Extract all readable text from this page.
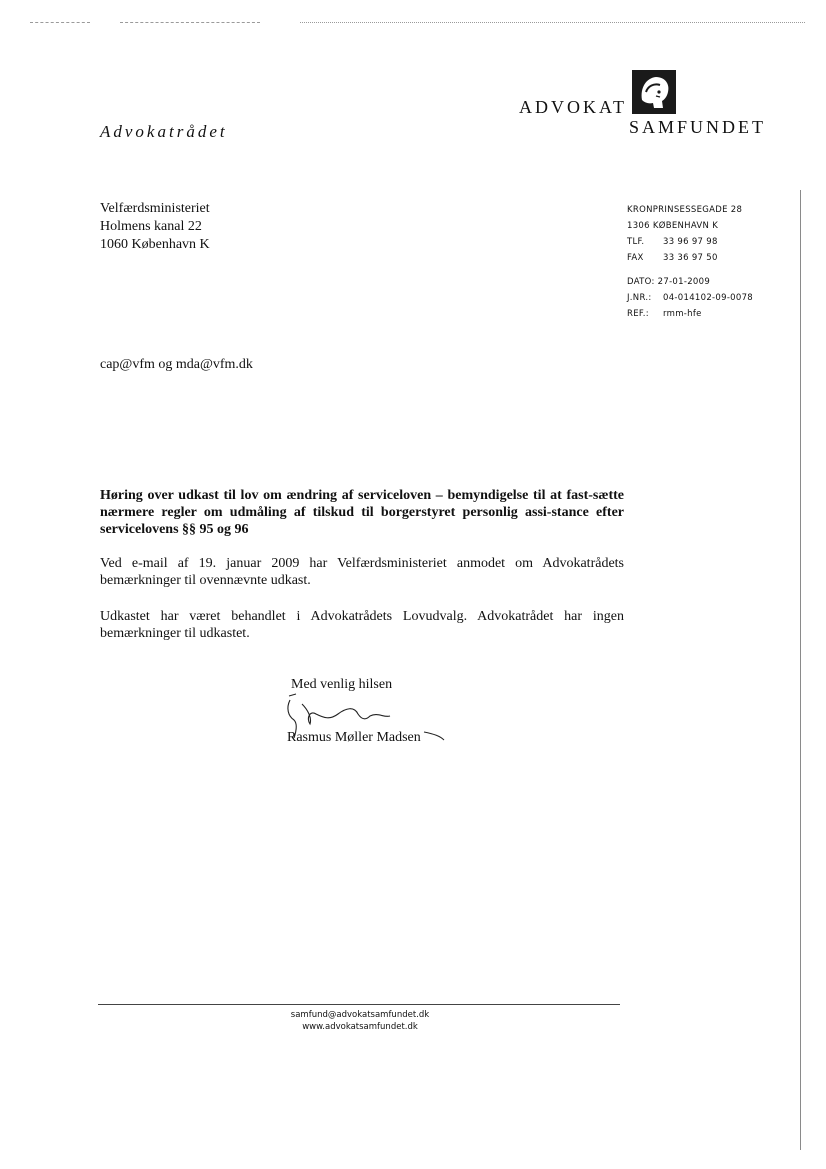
Advokatrådet
ADVOKAT
SAMFUNDET
Velfærdsministeriet
Holmens kanal 22
1060 København K
KRONPRINSESSEGADE 28
1306 KØBENHAVN K
TLF. 33 96 97 98
FAX 33 36 97 50
DATO: 27-01-2009
J.NR.: 04-014102-09-0078
REF.: rmm-hfe
cap@vfm og mda@vfm.dk
Høring over udkast til lov om ændring af serviceloven – bemyndigelse til at fast-sætte nærmere regler om udmåling af tilskud til borgerstyret personlig assi-stance efter servicelovens §§ 95 og 96
Ved e-mail af 19. januar 2009 har Velfærdsministeriet anmodet om Advokatrådets bemærkninger til ovennævnte udkast.
Udkastet har været behandlet i Advokatrådets Lovudvalg. Advokatrådet har ingen bemærkninger til udkastet.
Med venlig hilsen
Rasmus Møller Madsen
samfund@advokatsamfundet.dk
www.advokatsamfundet.dk
